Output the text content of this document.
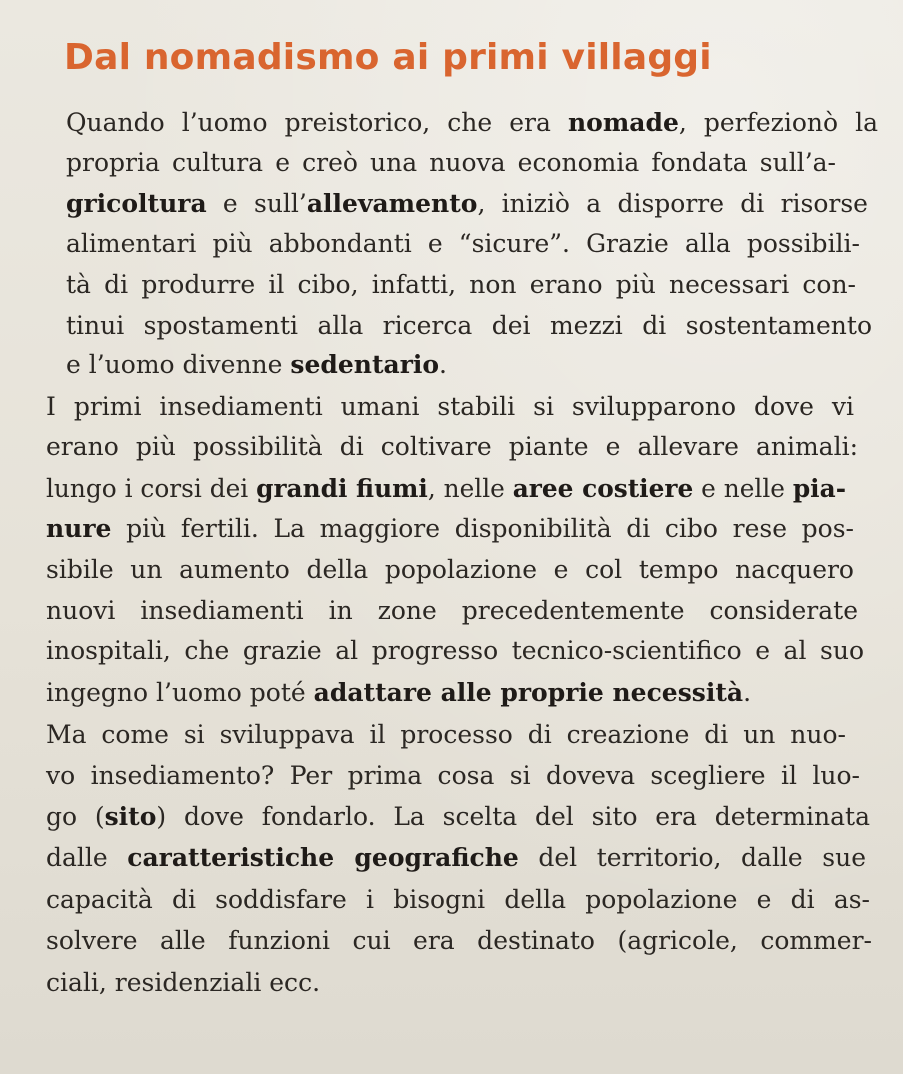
Dal nomadismo ai primi villaggi

Quando l’uomo preistorico, che era nomade, perfezionò la

propria cultura e creò una nuova economia fondata sull’a-

gricoltura e sull’allevamento, iniziò a disporre di risorse

alimentari più abbondanti e “sicure”. Grazie alla possibili-

tà di produrre il cibo, infatti, non erano più necessari con-

tinui spostamenti alla ricerca dei mezzi di sostentamento

e l’uomo divenne sedentario.

I primi insediamenti umani stabili si svilupparono dove vi

erano più possibilità di coltivare piante e allevare animali:

lungo i corsi dei grandi fiumi, nelle aree costiere e nelle pia-

nure più fertili. La maggiore disponibilità di cibo rese pos-

sibile un aumento della popolazione e col tempo nacquero

nuovi insediamenti in zone precedentemente considerate

inospitali, che grazie al progresso tecnico-scientifico e al suo

ingegno l’uomo poté adattare alle proprie necessità.

Ma come si sviluppava il processo di creazione di un nuo-

vo insediamento? Per prima cosa si doveva scegliere il luo-

go (sito) dove fondarlo. La scelta del sito era determinata

dalle caratteristiche geografiche del territorio, dalle sue

capacità di soddisfare i bisogni della popolazione e di as-

solvere alle funzioni cui era destinato (agricole, commer-

ciali, residenziali ecc.
